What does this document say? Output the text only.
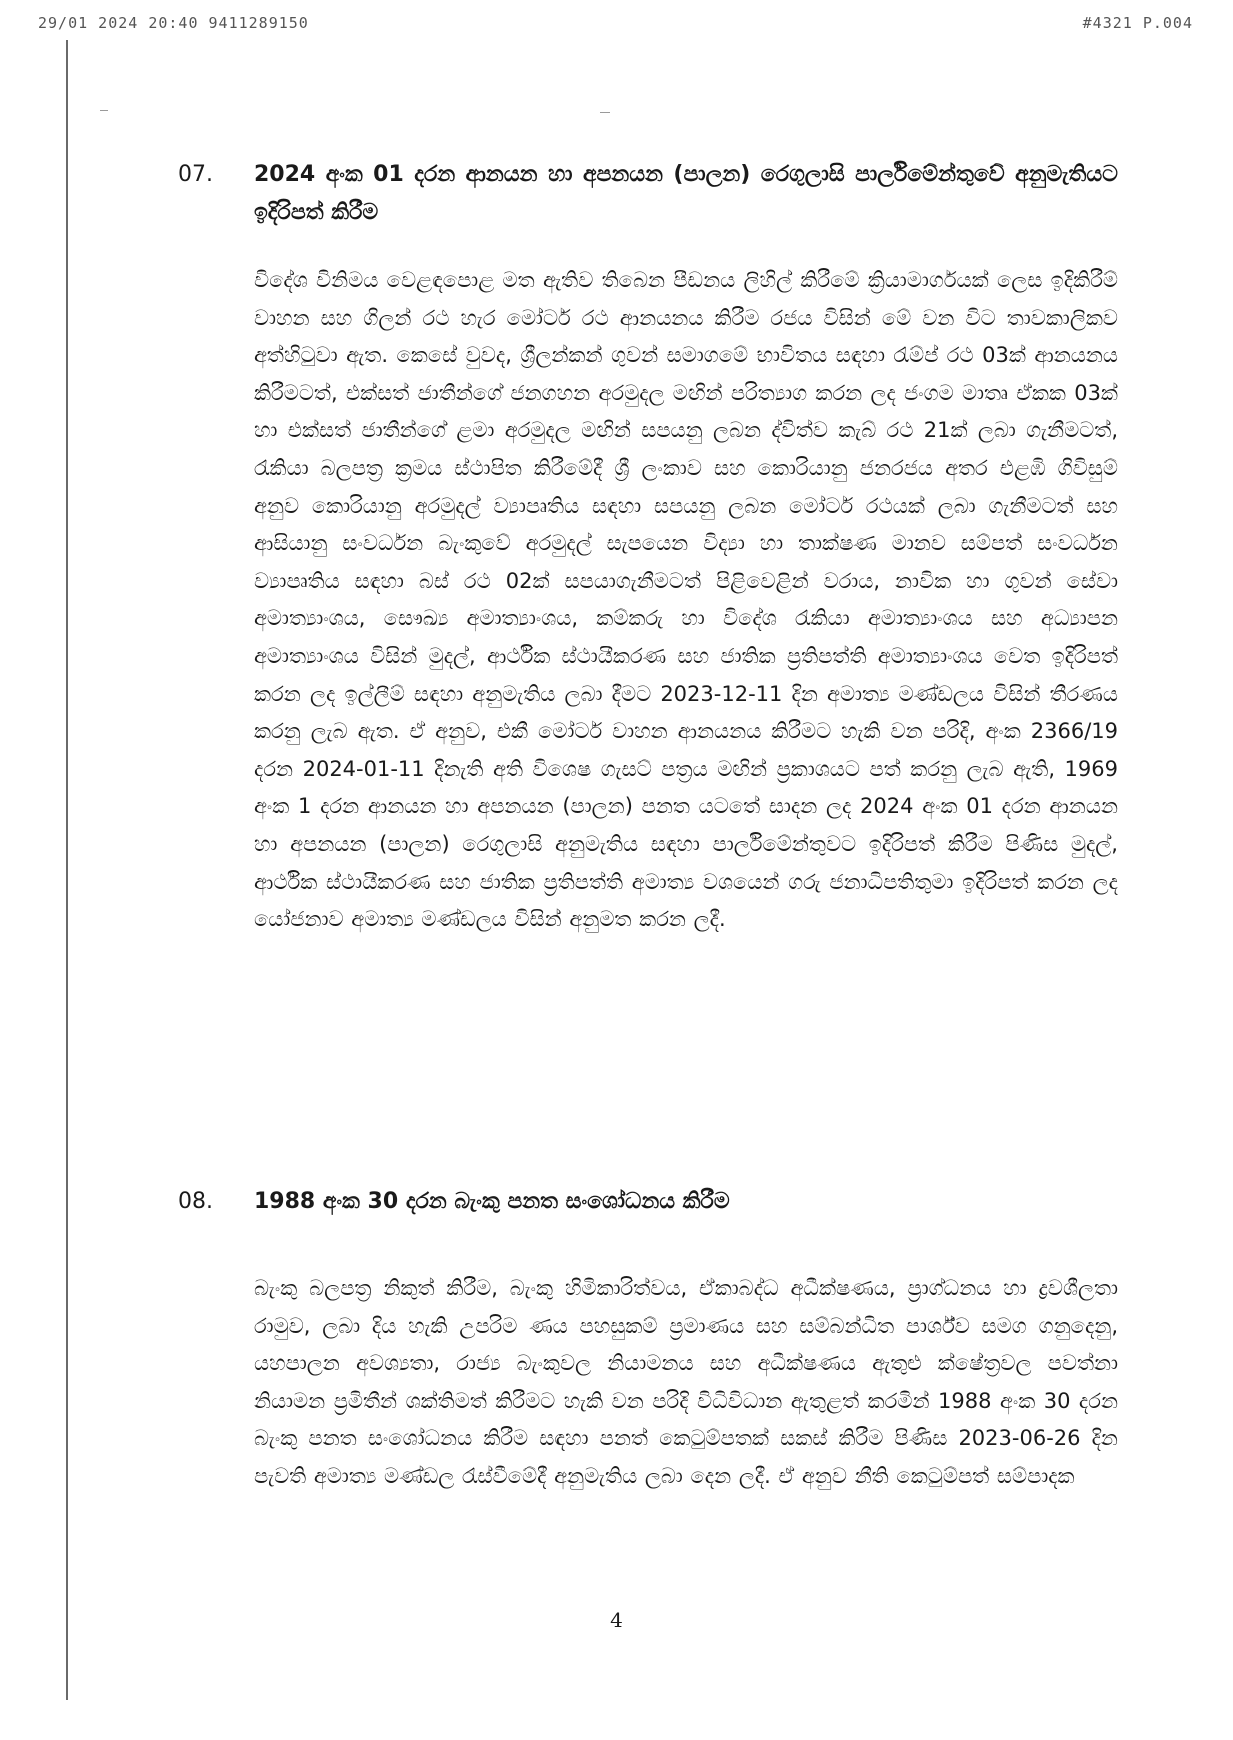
29/01 2024 20:40 9411289150	#4321 P.004
07. 2024 අංක 01 දරන ආනයන හා අපනයන (පාලන) රෙගුලාසි පාර්ලිමේන්තුවේ අනුමැතියට ඉදිරිපත් කිරීම
විදේශ විනිමය වෙළඳපොළ මත ඇතිව තිබෙන පීඩනය ලිහිල් කිරීමේ ක්‍රියාමාර්ගයක් ලෙස ඉදිකිරීම් වාහන සහ ගිලන් රථ හැර මෝටර් රථ ආනයනය කිරීම රජය විසින් මේ වන විට තාවකාලිකව අත්හිටුවා ඇත. කෙසේ වුවද, ශ්‍රීලන්කන් ගුවන් සමාගමේ භාවිතය සඳහා රැම්ප් රථ 03ක් ආනයනය කිරීමටත්, එක්සත් ජාතීන්ගේ ජනගහන අරමුදල මඟින් පරිත්‍යාග කරන ලද ජංගම මාතෘ ඒකක 03ක් හා එක්සත් ජාතීන්ගේ ළමා අරමුදල මඟින් සපයනු ලබන ද්විත්ව කැබ් රථ 21ක් ලබා ගැනීමටත්, රැකියා බලපත්‍ර ක්‍රමය ස්ථාපිත කිරීමේදී ශ්‍රී ලංකාව සහ කොරියානු ජනරජය අතර එළඹි ගිවිසුම් අනුව කොරියානු අරමුදල් ව්‍යාපෘතිය සඳහා සපයනු ලබන මෝටර් රථයක් ලබා ගැනීමටත් සහ ආසියානු සංවර්ධන බැංකුවේ අරමුදල් සැපයෙන විද්‍යා හා තාක්ෂණ මානව සම්පත් සංවර්ධන ව්‍යාපෘතිය සඳහා බස් රථ 02ක් සපයාගැනීමටත් පිළිවෙළින් වරාය, නාවික හා ගුවන් සේවා අමාත්‍යාංශය, සෞඛ්‍ය අමාත්‍යාංශය, කම්කරු හා විදේශ රැකියා අමාත්‍යාංශය සහ අධ්‍යාපන අමාත්‍යාංශය විසින් මුදල්, ආර්ථික ස්ථායීකරණ සහ ජාතික ප්‍රතිපත්ති අමාත්‍යාංශය වෙත ඉදිරිපත් කරන ලද ඉල්ලීම් සඳහා අනුමැතිය ලබා දීමට 2023-12-11 දින අමාත්‍ය මණ්ඩලය විසින් තීරණය කරනු ලැබ ඇත. ඒ අනුව, එකී මෝටර් වාහන ආනයනය කිරීමට හැකි වන පරිදි, අංක 2366/19 දරන 2024-01-11 දිනැති අති විශෙෂ ගැසට් පත්‍රය මඟින් ප්‍රකාශයට පත් කරනු ලැබ ඇති, 1969 අංක 1 දරන ආනයන හා අපනයන (පාලන) පනත යටතේ සාදන ලද 2024 අංක 01 දරන ආනයන හා අපනයන (පාලන) රෙගුලාසි අනුමැතිය සඳහා පාර්ලිමේන්තුවට ඉදිරිපත් කිරීම පිණිස මුදල්, ආර්ථික ස්ථායීකරණ සහ ජාතික ප්‍රතිපත්ති අමාත්‍ය වශයෙන් ගරු ජනාධිපතිතුමා ඉදිරිපත් කරන ලද යෝජනාව අමාත්‍ය මණ්ඩලය විසින් අනුමත කරන ලදී.
08. 1988 අංක 30 දරන බැංකු පනත සංශෝධනය කිරීම
බැංකු බලපත්‍ර නිකුත් කිරීම, බැංකු හිමිකාරිත්වය, ඒකාබද්ධ අධීක්ෂණය, ප්‍රාග්ධනය හා ද්‍රවශීලතා රාමුව, ලබා දිය හැකි උපරිම ණය පහසුකම් ප්‍රමාණය සහ සම්බන්ධිත පාර්ශ්ව සමග ගනුදෙනු, යහපාලන අවශ්‍යතා, රාජ්‍ය බැංකුවල නියාමනය සහ අධීක්ෂණය ඇතුළු ක්ෂේත්‍රවල පවත්නා නියාමන ප්‍රමිතීන් ශක්තිමත් කිරීමට හැකි වන පරිදි විධිවිධාන ඇතුළත් කරමින් 1988 අංක 30 දරන බැංකු පනත සංශෝධනය කිරීම සඳහා පනත් කෙටුම්පතක් සකස් කිරීම පිණිස 2023-06-26 දින පැවති අමාත්‍ය මණ්ඩල රැස්වීමේදී අනුමැතිය ලබා දෙන ලදී. ඒ අනුව නීති කෙටුම්පත් සම්පාදක
4
